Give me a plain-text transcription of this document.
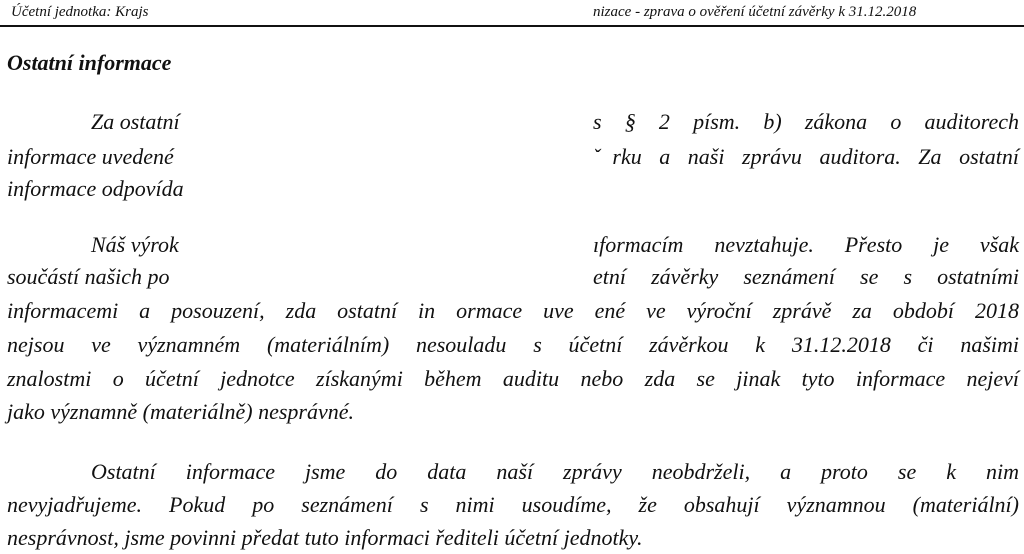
Účetní jednotka: Krajs	nizace - zprava o ověření účetní závěrky k 31.12.2018
Ostatní informace
Za ostatní
informace uvedené
informace odpovída
s § 2 písm. b) zákona o auditorech
ˇrku a naši zprávu auditora. Za ostatní
Náš výrok	ıformacím nevztahuje. Přesto je však
součástí našich po	etní závěrky seznámení se s ostatními
informacemi a posouzení, zda ostatní in ormace uve ené ve výroční zprávě za období 2018
nejsou ve významném (materiálním) nesouladu s účetní závěrkou k 31.12.2018 či našimi
znalostmi o účetní jednotce získanými během auditu nebo zda se jinak tyto informace nejeví
jako významně (materiálně) nesprávné.
Ostatní informace jsme do data naší zprávy neobdrželi, a proto se k nim
nevyjadřujeme. Pokud po seznámení s nimi usoudíme, že obsahují významnou (materiální)
nesprávnost, jsme povinni předat tuto informaci řediteli účetní jednotky.
